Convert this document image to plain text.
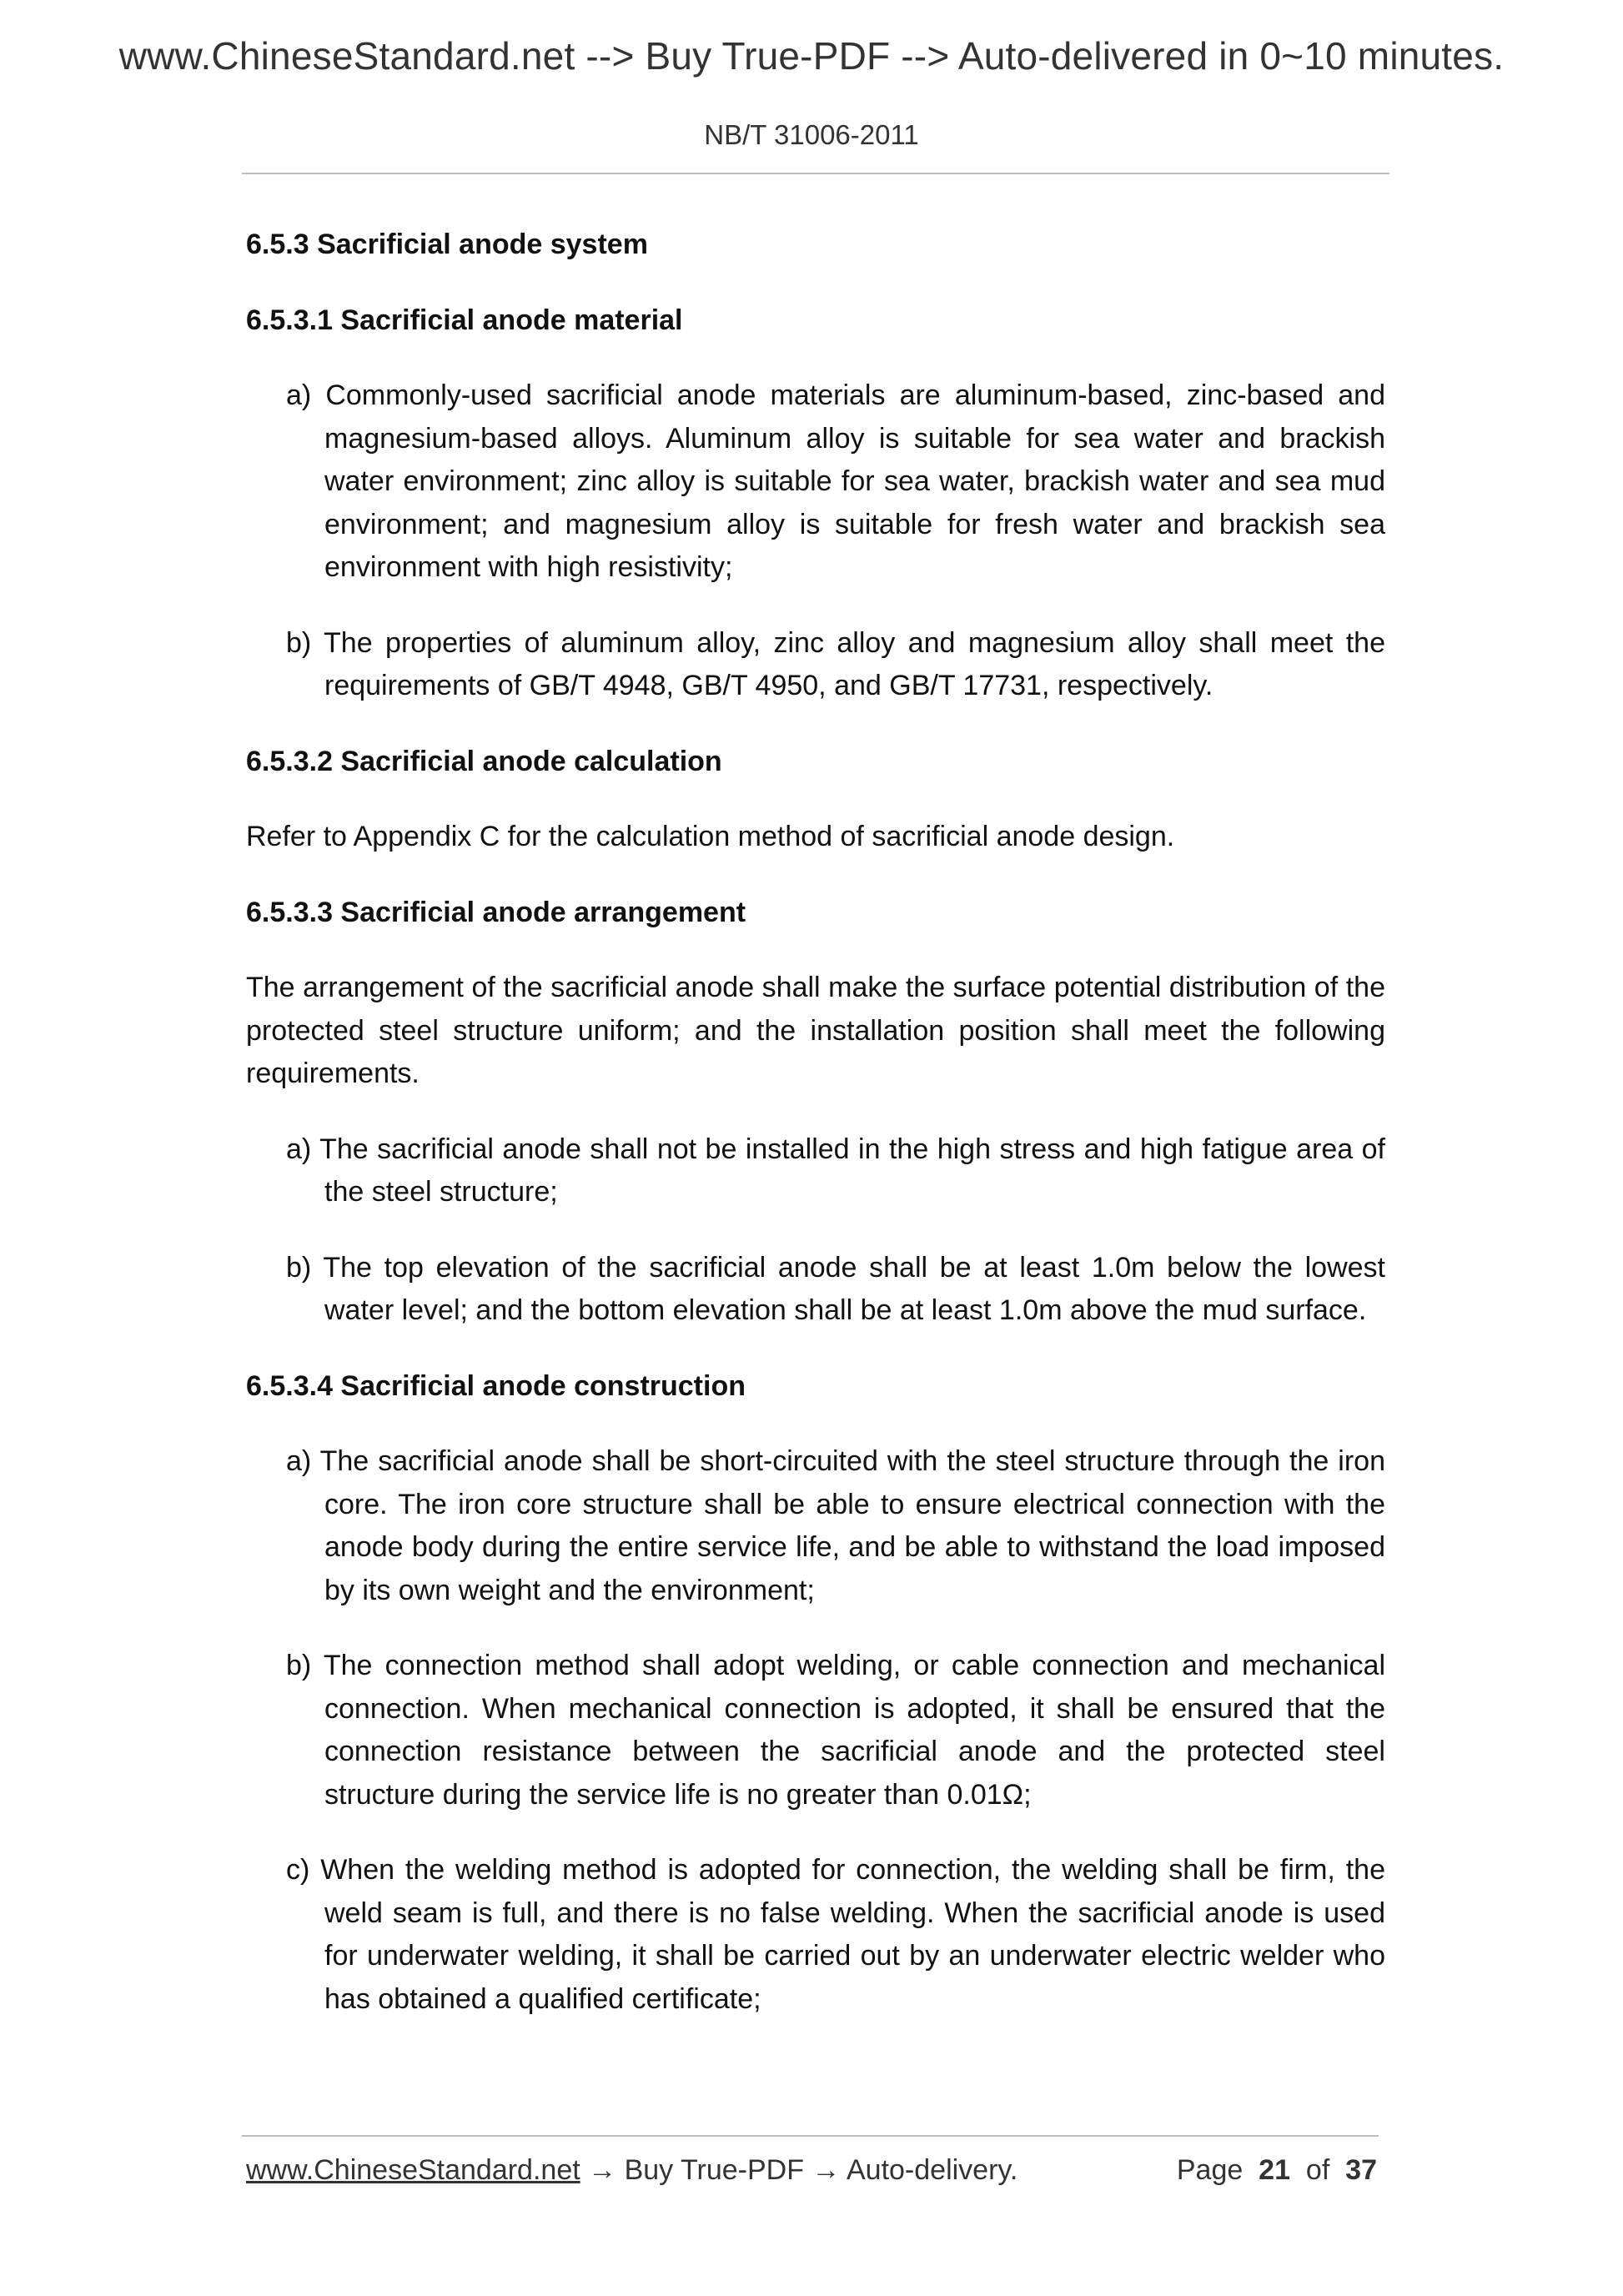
www.ChineseStandard.net --> Buy True-PDF --> Auto-delivered in 0~10 minutes.
NB/T 31006-2011
6.5.3 Sacrificial anode system
6.5.3.1 Sacrificial anode material
a) Commonly-used sacrificial anode materials are aluminum-based, zinc-based and magnesium-based alloys. Aluminum alloy is suitable for sea water and brackish water environment; zinc alloy is suitable for sea water, brackish water and sea mud environment; and magnesium alloy is suitable for fresh water and brackish sea environment with high resistivity;
b) The properties of aluminum alloy, zinc alloy and magnesium alloy shall meet the requirements of GB/T 4948, GB/T 4950, and GB/T 17731, respectively.
6.5.3.2 Sacrificial anode calculation
Refer to Appendix C for the calculation method of sacrificial anode design.
6.5.3.3 Sacrificial anode arrangement
The arrangement of the sacrificial anode shall make the surface potential distribution of the protected steel structure uniform; and the installation position shall meet the following requirements.
a) The sacrificial anode shall not be installed in the high stress and high fatigue area of the steel structure;
b) The top elevation of the sacrificial anode shall be at least 1.0m below the lowest water level; and the bottom elevation shall be at least 1.0m above the mud surface.
6.5.3.4 Sacrificial anode construction
a) The sacrificial anode shall be short-circuited with the steel structure through the iron core. The iron core structure shall be able to ensure electrical connection with the anode body during the entire service life, and be able to withstand the load imposed by its own weight and the environment;
b) The connection method shall adopt welding, or cable connection and mechanical connection. When mechanical connection is adopted, it shall be ensured that the connection resistance between the sacrificial anode and the protected steel structure during the service life is no greater than 0.01Ω;
c) When the welding method is adopted for connection, the welding shall be firm, the weld seam is full, and there is no false welding. When the sacrificial anode is used for underwater welding, it shall be carried out by an underwater electric welder who has obtained a qualified certificate;
www.ChineseStandard.net → Buy True-PDF → Auto-delivery.	Page 21 of 37
